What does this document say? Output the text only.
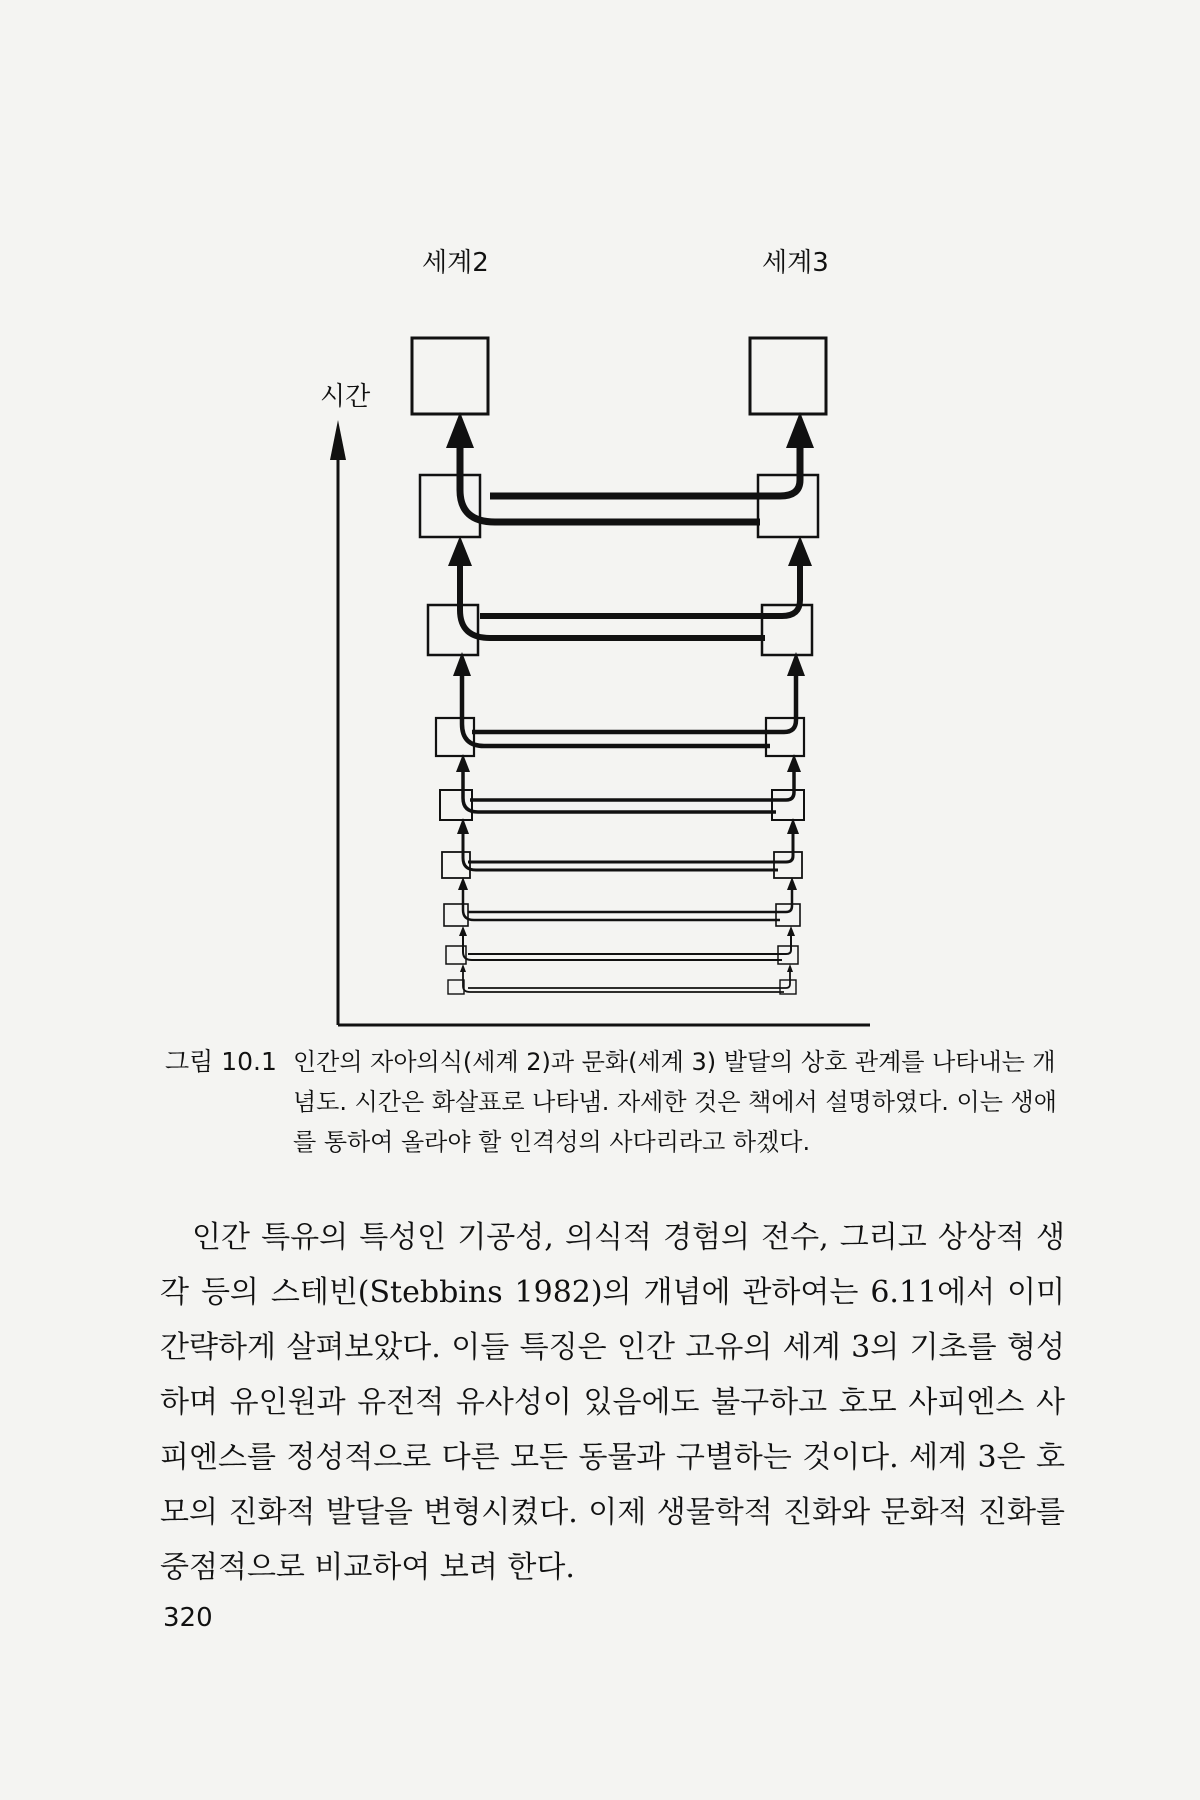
세계2	세계3
시간
그림 10.1 인간의 자아의식(세계 2)과 문화(세계 3) 발달의 상호 관계를 나타내는 개념도. 시간은 화살표로 나타냄. 자세한 것은 책에서 설명하였다. 이는 생애를 통하여 올라야 할 인격성의 사다리라고 하겠다.

인간 특유의 특성인 기공성, 의식적 경험의 전수, 그리고 상상적 생각 등의 스테빈(Stebbins 1982)의 개념에 관하여는 6.11에서 이미 간략하게 살펴보았다. 이들 특징은 인간 고유의 세계 3의 기초를 형성하며 유인원과 유전적 유사성이 있음에도 불구하고 호모 사피엔스 사피엔스를 정성적으로 다른 모든 동물과 구별하는 것이다. 세계 3은 호모의 진화적 발달을 변형시켰다. 이제 생물학적 진화와 문화적 진화를 중점적으로 비교하여 보려 한다.

320
